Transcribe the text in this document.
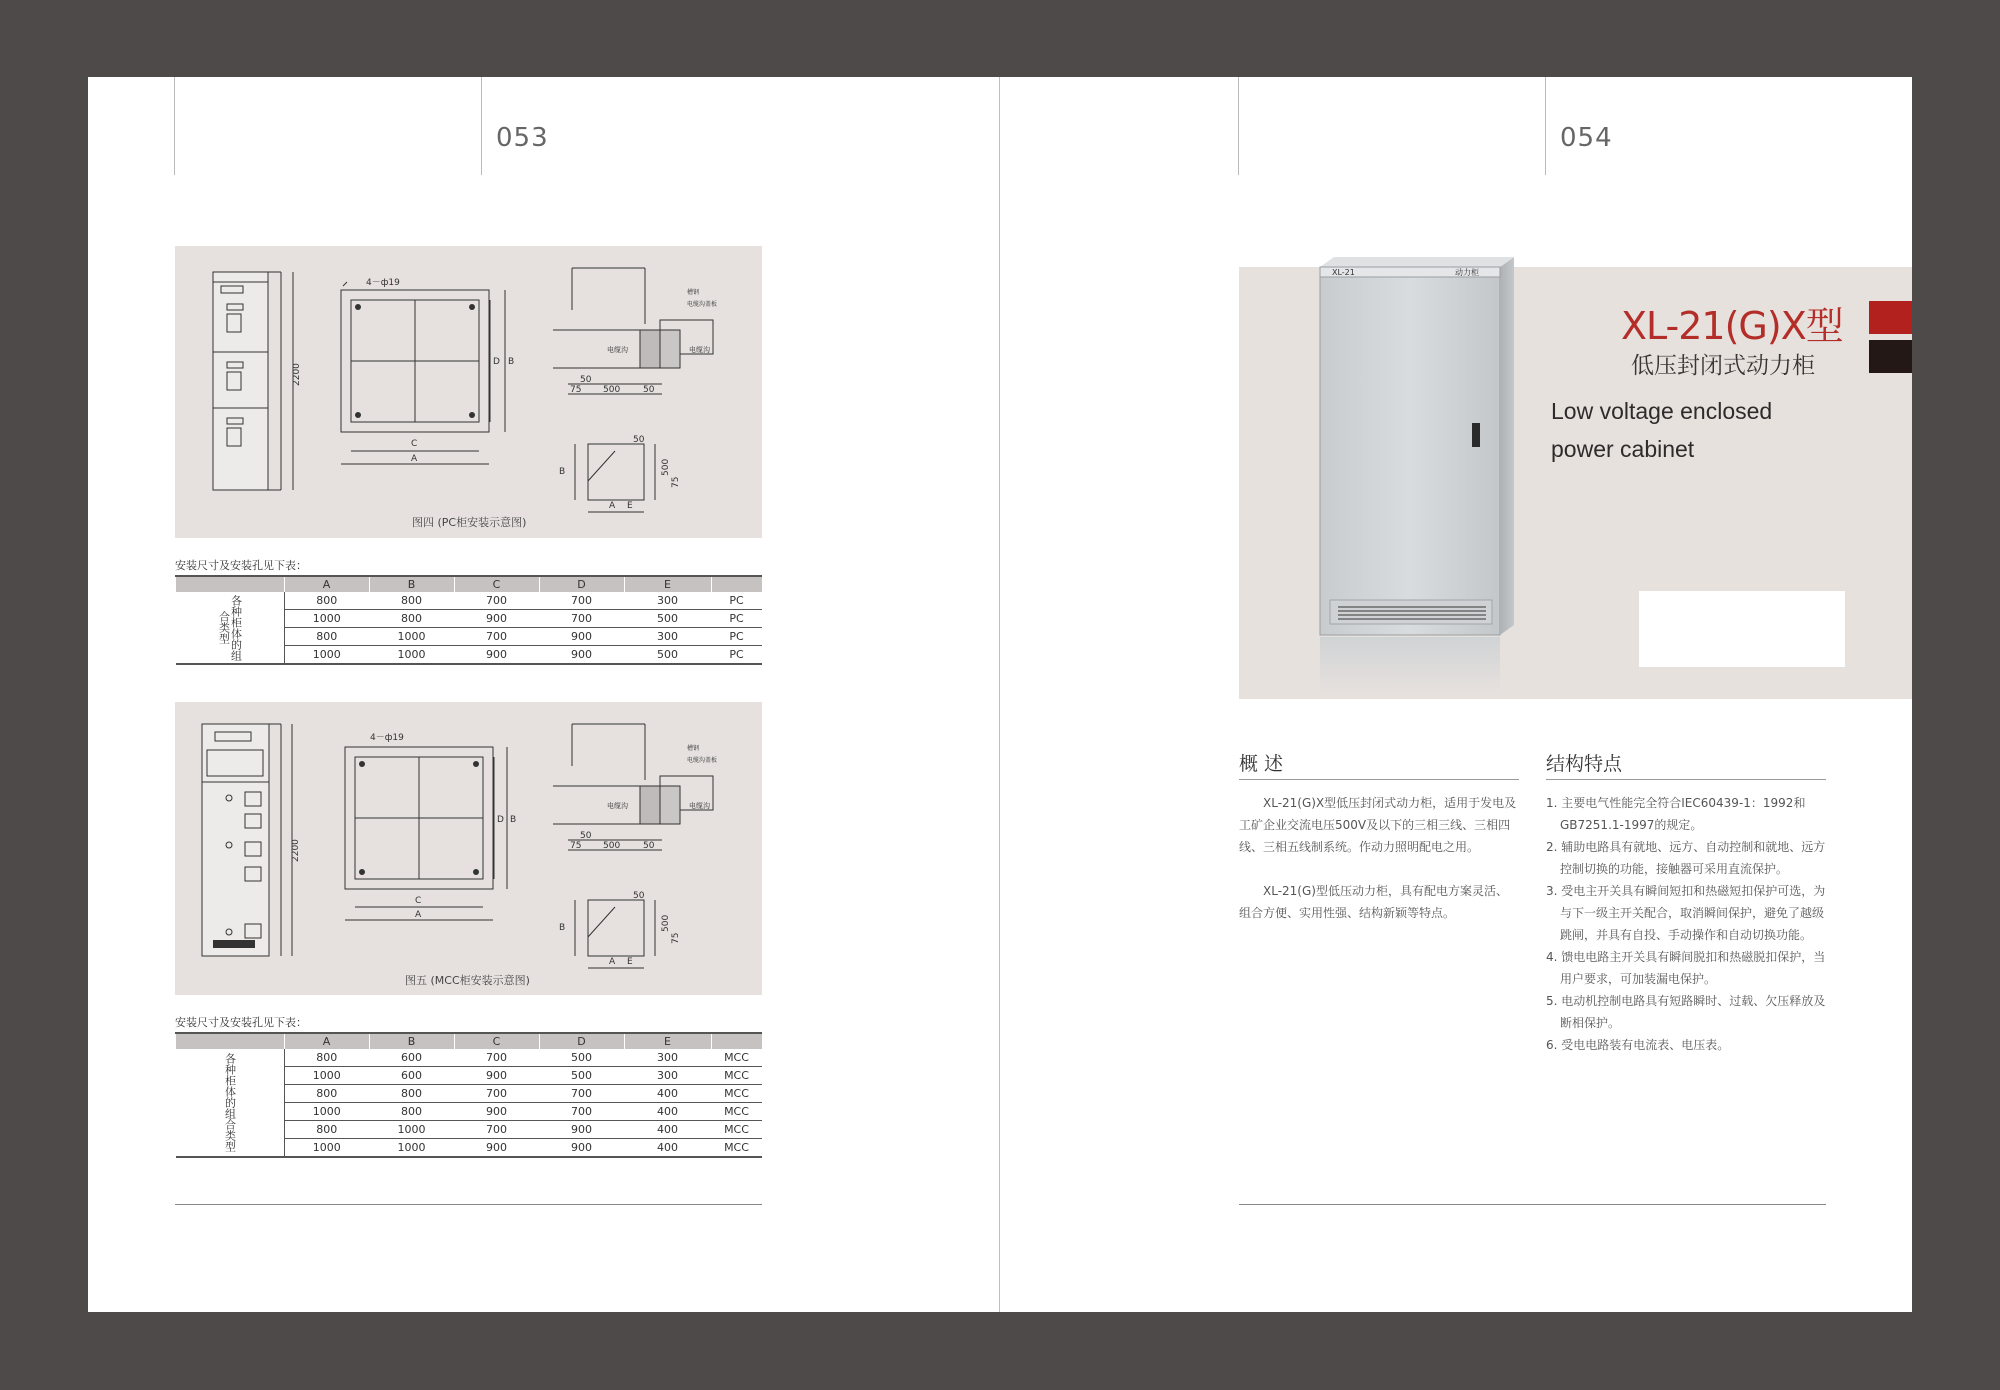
053
4－ф19
2200
C
A
D B
50
75 500	50
50
B	500
75
A E
电缆沟	电缆沟
槽钢
电缆沟盖板
图四 (PC柜安装示意图)
安装尺寸及安装孔见下表：
	A	B	C	D	E	
各种柜体的组合类型	800	800	700	700	300	PC
	1000	800	900	700	500	PC
	800	1000	700	900	300	PC
	1000	1000	900	900	500	PC
4－ф19
2200
C
A
D B
50
75 500	50
50
B	500
75
A E
电缆沟	电缆沟
槽钢
电缆沟盖板
图五 (MCC柜安装示意图)
安装尺寸及安装孔见下表：
	A	B	C	D	E	
各种柜体的组合类型	800	600	700	500	300	MCC
	1000	600	900	500	300	MCC
	800	800	700	700	400	MCC
	1000	800	900	700	400	MCC
	800	1000	700	900	400	MCC
	1000	1000	900	900	400	MCC
054
XL-21(G)X型
低压封闭式动力柜
Low voltage enclosed
power cabinet
XL-21	动力柜
概 述

XL-21(G)X型低压封闭式动力柜，适用于发电及工矿企业交流电压500V及以下的三相三线、三相四线、三相五线制系统。作动力照明配电之用。

XL-21(G)型低压动力柜，具有配电方案灵活、组合方便、实用性强、结构新颖等特点。

结构特点
1. 主要电气性能完全符合IEC60439-1：1992和GB7251.1-1997的规定。
2. 辅助电路具有就地、远方、自动控制和就地、远方控制切换的功能，接触器可采用直流保护。
3. 受电主开关具有瞬间短扣和热磁短扣保护可选，为与下一级主开关配合，取消瞬间保护，避免了越级跳闸，并具有自投、手动操作和自动切换功能。
4. 馈电电路主开关具有瞬间脱扣和热磁脱扣保护，当用户要求，可加装漏电保护。
5. 电动机控制电路具有短路瞬时、过载、欠压释放及断相保护。
6. 受电电路装有电流表、电压表。
